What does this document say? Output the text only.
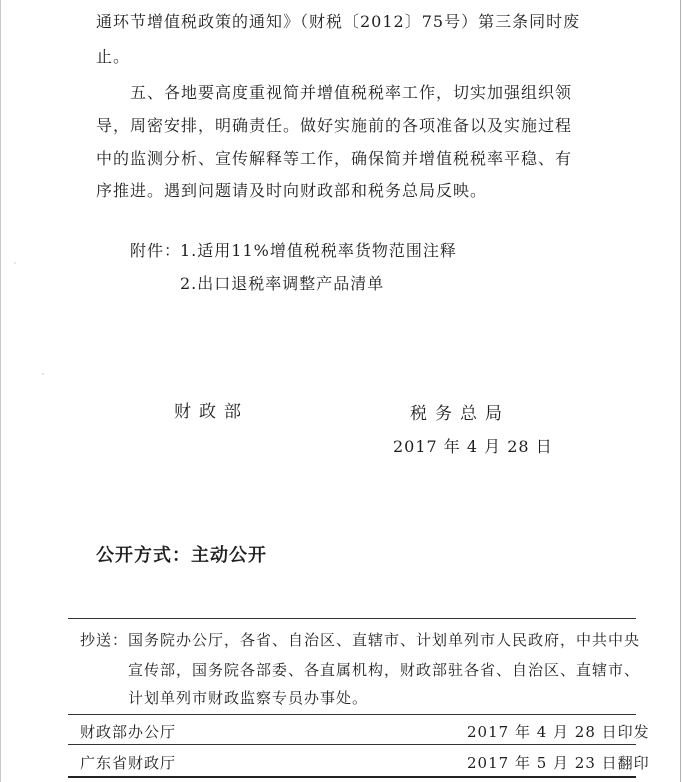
通环节增值税政策的通知》（财税〔2012〕75号）第三条同时废
止。
五、各地要高度重视简并增值税税率工作，切实加强组织领
导，周密安排，明确责任。做好实施前的各项准备以及实施过程
中的监测分析、宣传解释等工作，确保简并增值税税率平稳、有
序推进。遇到问题请及时向财政部和税务总局反映。
附件：
1.适用11%增值税税率货物范围注释
2.出口退税率调整产品清单
财政部	税务总局
2017 年 4 月 28 日
公开方式：主动公开
抄送：国务院办公厅，各省、自治区、直辖市、计划单列市人民政府，中共中央
宣传部，国务院各部委、各直属机构，财政部驻各省、自治区、直辖市、
计划单列市财政监察专员办事处。
财政部办公厅	2017 年 4 月 28 日印发
广东省财政厅	2017 年 5 月 23 日翻印
